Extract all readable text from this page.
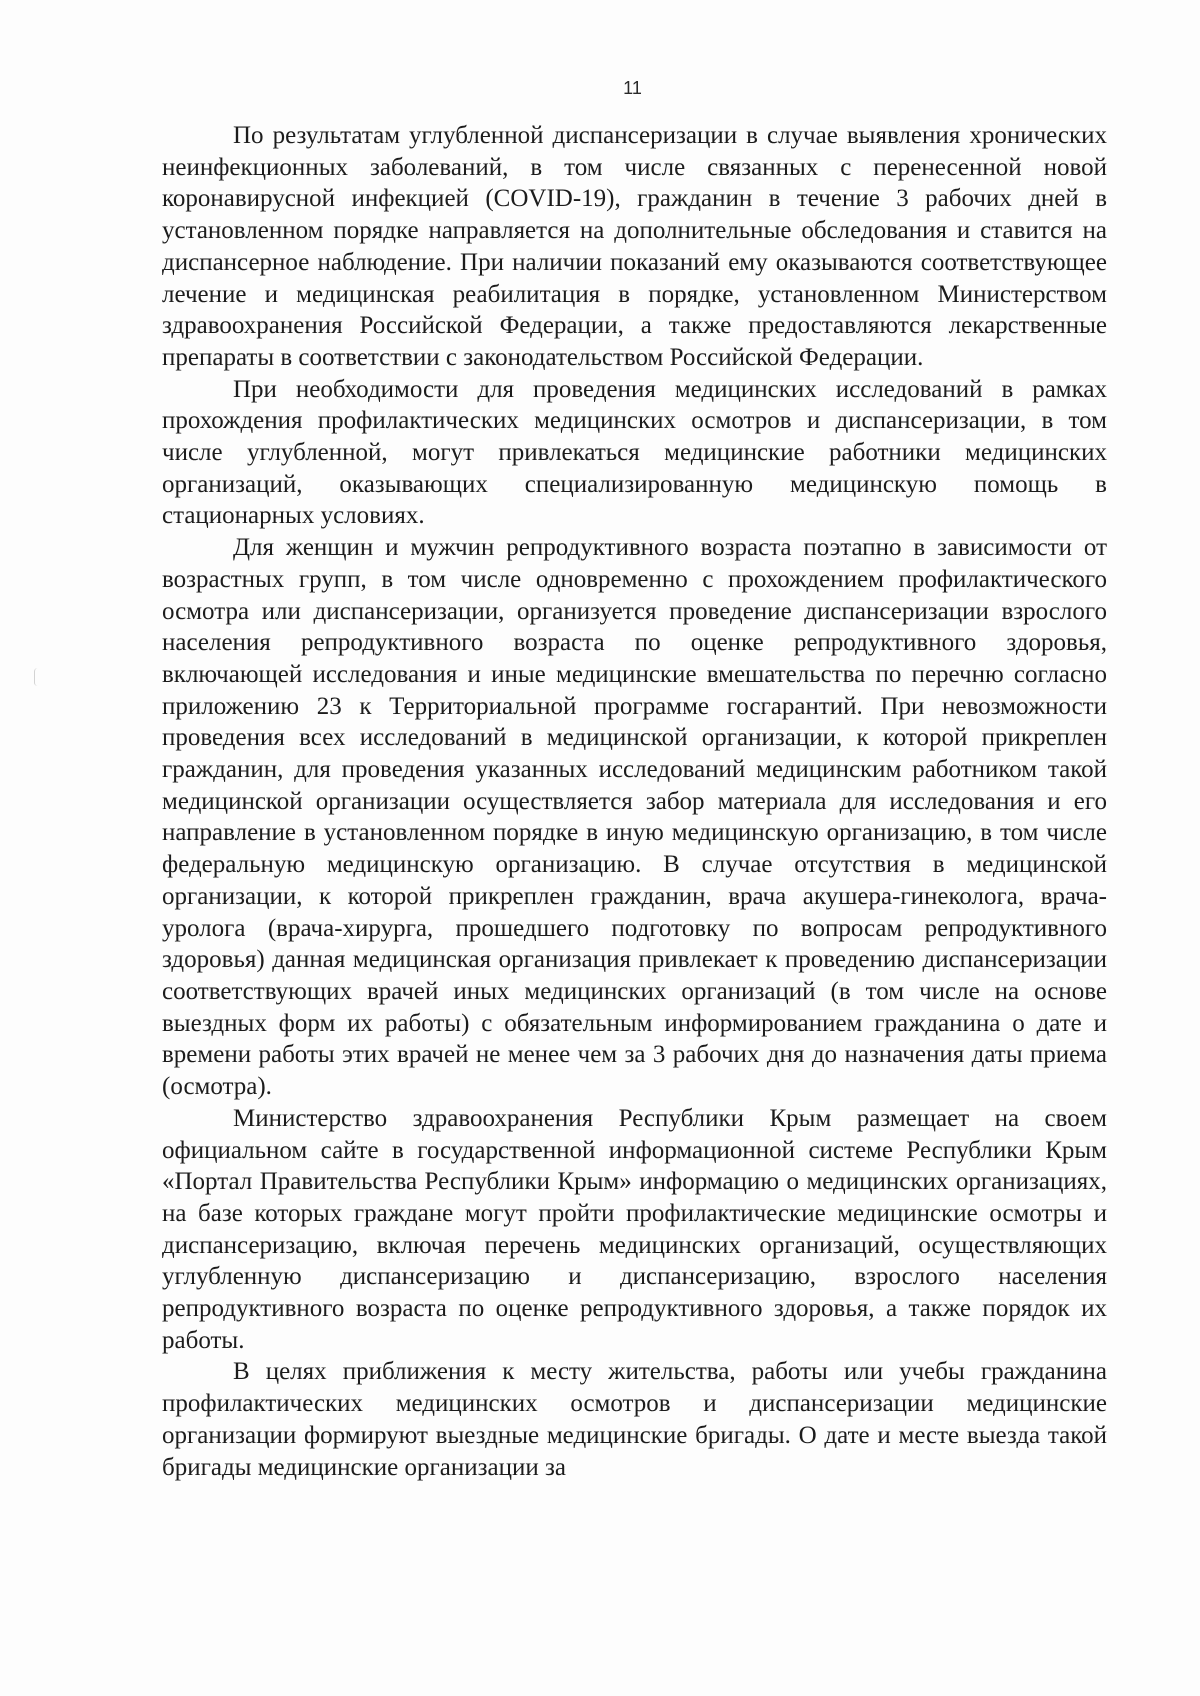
11

По результатам углубленной диспансеризации в случае выявления хронических неинфекционных заболеваний, в том числе связанных с перенесенной новой коронавирусной инфекцией (COVID-19), гражданин в течение 3 рабочих дней в установленном порядке направляется на дополнительные обследования и ставится на диспансерное наблюдение. При наличии показаний ему оказываются соответствующее лечение и медицинская реабилитация в порядке, установленном Министерством здравоохранения Российской Федерации, а также предоставляются лекарственные препараты в соответствии с законодательством Российской Федерации.

При необходимости для проведения медицинских исследований в рамках прохождения профилактических медицинских осмотров и диспансеризации, в том числе углубленной, могут привлекаться медицинские работники медицинских организаций, оказывающих специализированную медицинскую помощь в стационарных условиях.

Для женщин и мужчин репродуктивного возраста поэтапно в зависимости от возрастных групп, в том числе одновременно с прохождением профилактического осмотра или диспансеризации, организуется проведение диспансеризации взрослого населения репродуктивного возраста по оценке репродуктивного здоровья, включающей исследования и иные медицинские вмешательства по перечню согласно приложению 23 к Территориальной программе госгарантий. При невозможности проведения всех исследований в медицинской организации, к которой прикреплен гражданин, для проведения указанных исследований медицинским работником такой медицинской организации осуществляется забор материала для исследования и его направление в установленном порядке в иную медицинскую организацию, в том числе федеральную медицинскую организацию. В случае отсутствия в медицинской организации, к которой прикреплен гражданин, врача акушера-гинеколога, врача-уролога (врача-хирурга, прошедшего подготовку по вопросам репродуктивного здоровья) данная медицинская организация привлекает к проведению диспансеризации соответствующих врачей иных медицинских организаций (в том числе на основе выездных форм их работы) с обязательным информированием гражданина о дате и времени работы этих врачей не менее чем за 3 рабочих дня до назначения даты приема (осмотра).

Министерство здравоохранения Республики Крым размещает на своем официальном сайте в государственной информационной системе Республики Крым «Портал Правительства Республики Крым» информацию о медицинских организациях, на базе которых граждане могут пройти профилактические медицинские осмотры и диспансеризацию, включая перечень медицинских организаций, осуществляющих углубленную диспансеризацию и диспансеризацию, взрослого населения репродуктивного возраста по оценке репродуктивного здоровья, а также порядок их работы.

В целях приближения к месту жительства, работы или учебы гражданина профилактических медицинских осмотров и диспансеризации медицинские организации формируют выездные медицинские бригады. О дате и месте выезда такой бригады медицинские организации за
